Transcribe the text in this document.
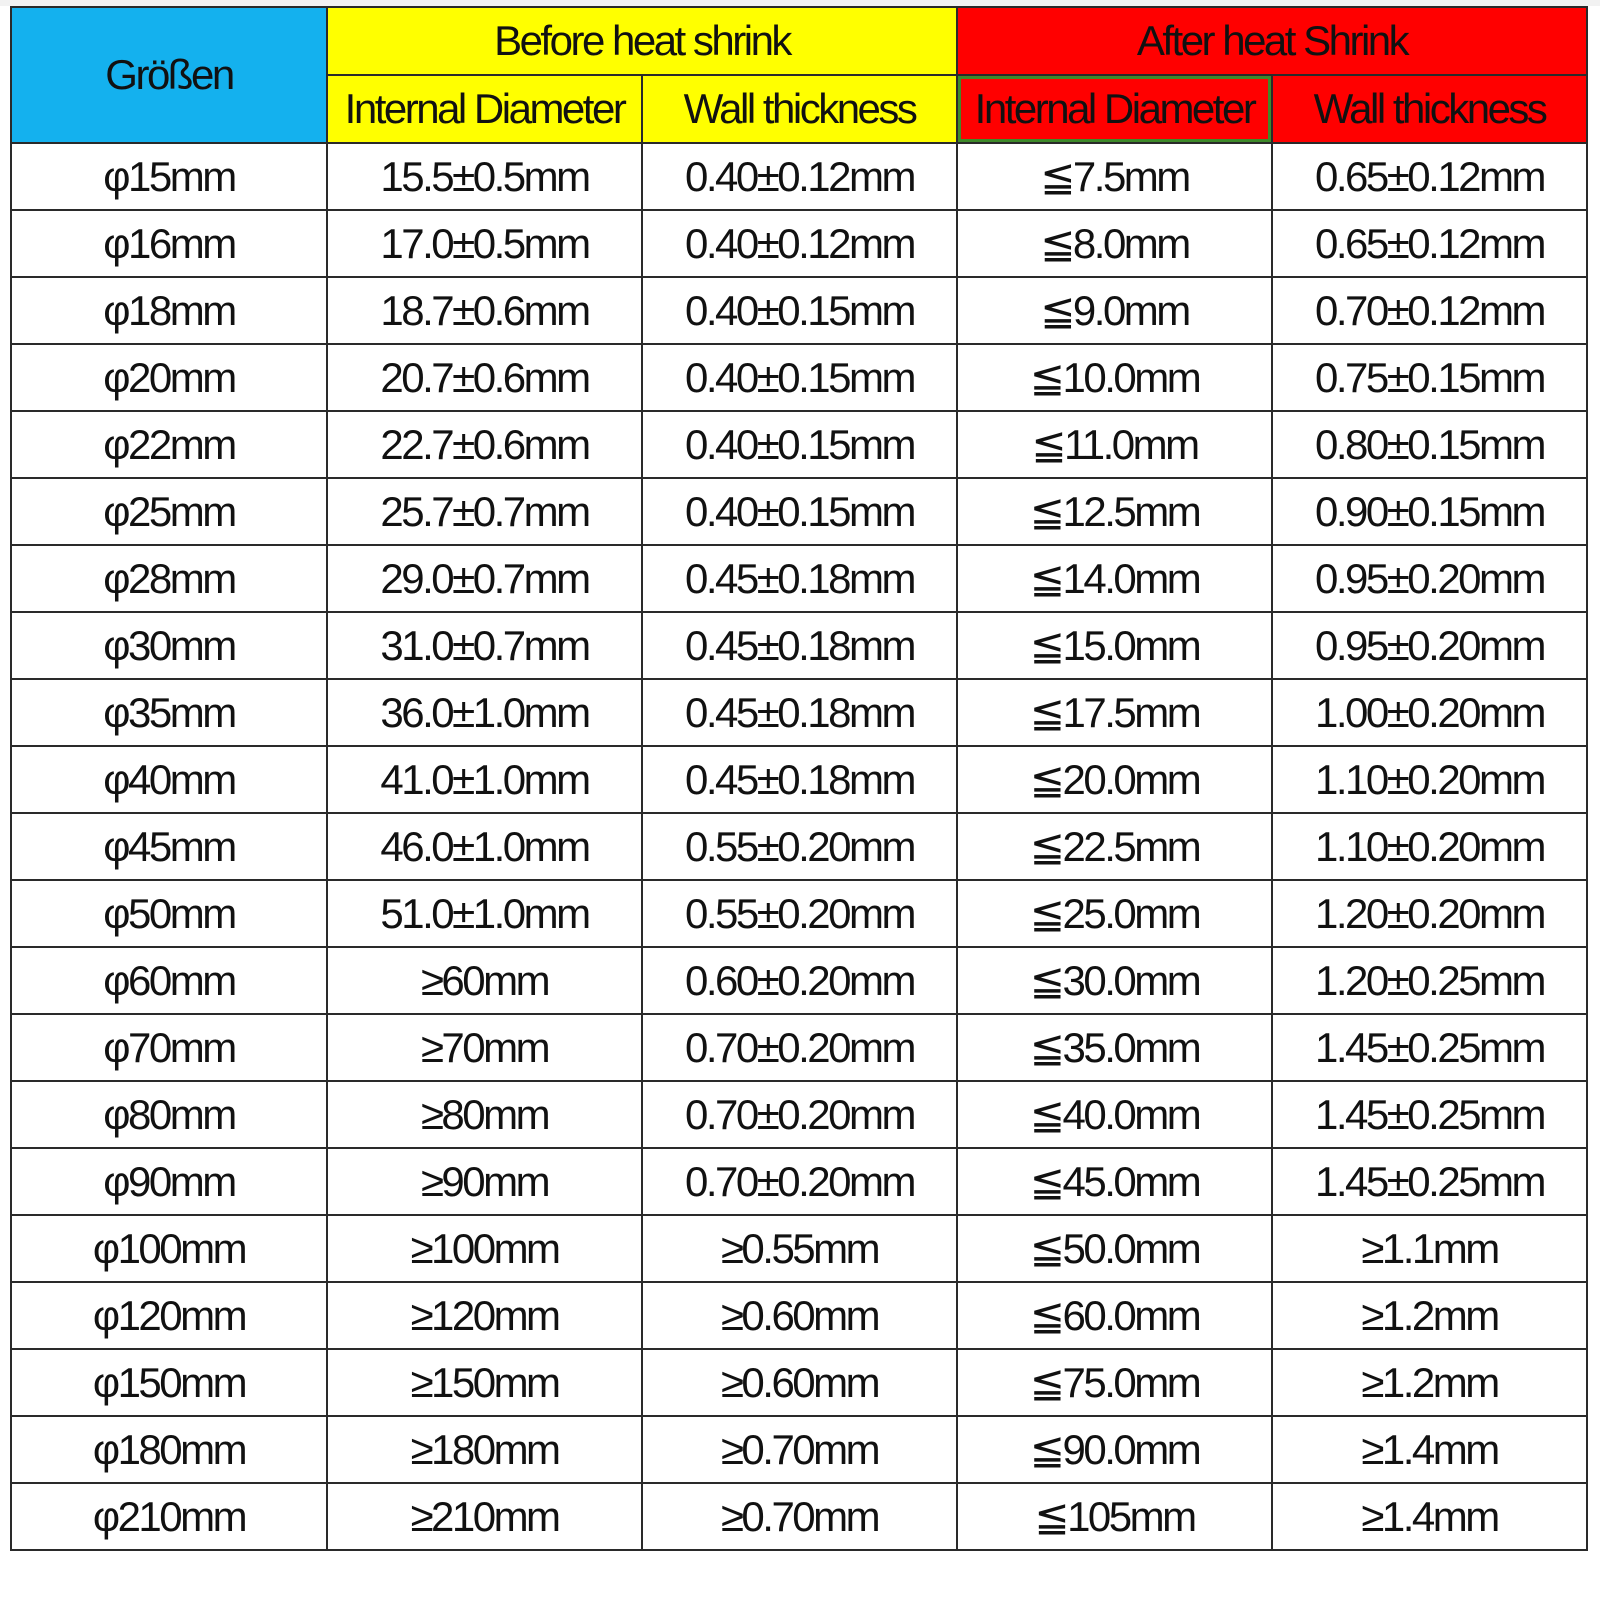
Größen	Before heat shrink		After heat Shrink	
	Internal Diameter	Wall thickness	Internal Diameter	Wall thickness
φ15mm	15.5±0.5mm	0.40±0.12mm	≦7.5mm	0.65±0.12mm
φ16mm	17.0±0.5mm	0.40±0.12mm	≦8.0mm	0.65±0.12mm
φ18mm	18.7±0.6mm	0.40±0.15mm	≦9.0mm	0.70±0.12mm
φ20mm	20.7±0.6mm	0.40±0.15mm	≦10.0mm	0.75±0.15mm
φ22mm	22.7±0.6mm	0.40±0.15mm	≦11.0mm	0.80±0.15mm
φ25mm	25.7±0.7mm	0.40±0.15mm	≦12.5mm	0.90±0.15mm
φ28mm	29.0±0.7mm	0.45±0.18mm	≦14.0mm	0.95±0.20mm
φ30mm	31.0±0.7mm	0.45±0.18mm	≦15.0mm	0.95±0.20mm
φ35mm	36.0±1.0mm	0.45±0.18mm	≦17.5mm	1.00±0.20mm
φ40mm	41.0±1.0mm	0.45±0.18mm	≦20.0mm	1.10±0.20mm
φ45mm	46.0±1.0mm	0.55±0.20mm	≦22.5mm	1.10±0.20mm
φ50mm	51.0±1.0mm	0.55±0.20mm	≦25.0mm	1.20±0.20mm
φ60mm	≥60mm	0.60±0.20mm	≦30.0mm	1.20±0.25mm
φ70mm	≥70mm	0.70±0.20mm	≦35.0mm	1.45±0.25mm
φ80mm	≥80mm	0.70±0.20mm	≦40.0mm	1.45±0.25mm
φ90mm	≥90mm	0.70±0.20mm	≦45.0mm	1.45±0.25mm
φ100mm	≥100mm	≥0.55mm	≦50.0mm	≥1.1mm
φ120mm	≥120mm	≥0.60mm	≦60.0mm	≥1.2mm
φ150mm	≥150mm	≥0.60mm	≦75.0mm	≥1.2mm
φ180mm	≥180mm	≥0.70mm	≦90.0mm	≥1.4mm
φ210mm	≥210mm	≥0.70mm	≦105mm	≥1.4mm
